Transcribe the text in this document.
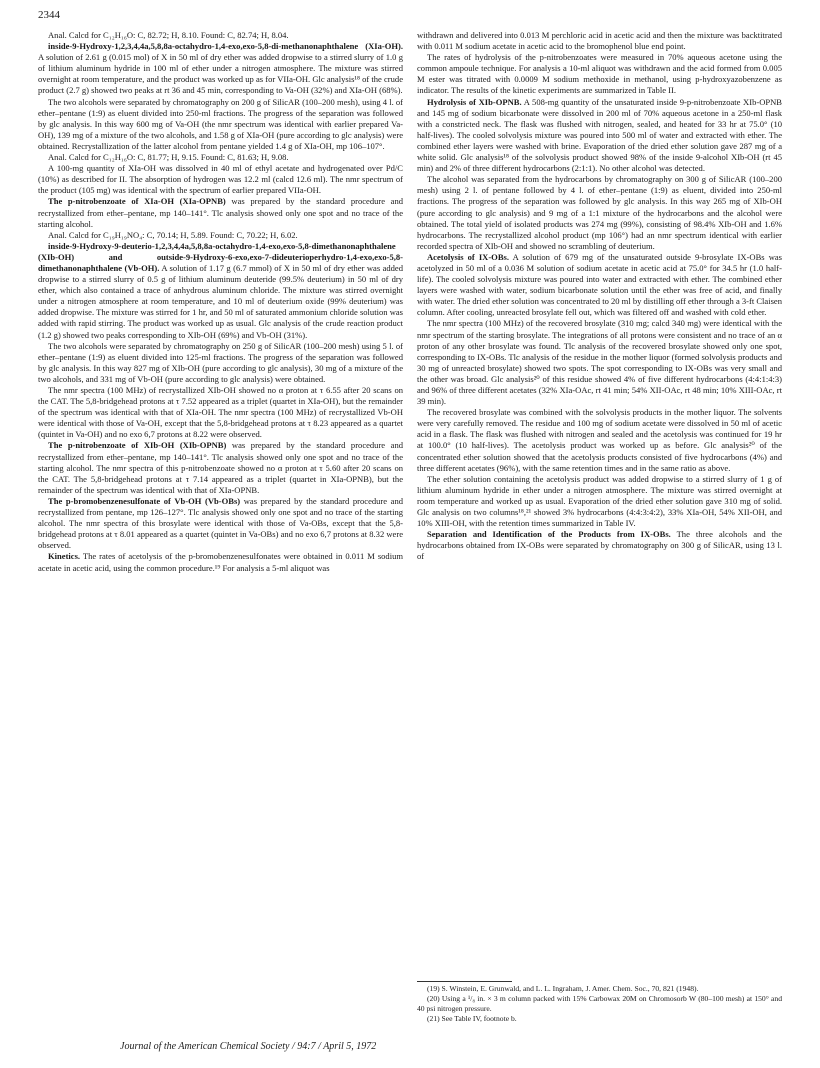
2344

Anal. Calcd for C₁₂H₁₆O: C, 82.72; H, 8.10. Found: C, 82.74; H, 8.04.

inside-9-Hydroxy-1,2,3,4,4a,5,8,8a-octahydro-1,4-exo,exo-5,8-di-methanonaphthalene (XIa-OH). A solution of 2.61 g (0.015 mol) of X in 50 ml of dry ether was added dropwise to a stirred slurry of 1.0 g of lithium aluminum hydride in 100 ml of ether under a nitrogen atmosphere. The mixture was stirred overnight at room temperature, and the product was worked up as for VIIa-OH. Glc analysis¹⁸ of the crude product (2.7 g) showed two peaks at rt 36 and 45 min, corresponding to Va-OH (32%) and XIa-OH (68%).

The two alcohols were separated by chromatography on 200 g of SilicAR (100–200 mesh), using 4 l. of ether–pentane (1:9) as eluent divided into 250-ml fractions. The progress of the separation was followed by glc analysis. In this way 600 mg of Va-OH (the nmr spectrum was identical with earlier prepared Va-OH), 139 mg of a mixture of the two alcohols, and 1.58 g of XIa-OH (pure according to glc analysis) were obtained. Recrystallization of the latter alcohol from pentane yielded 1.4 g of XIa-OH, mp 106–107°.

Anal. Calcd for C₁₂H₁₆O: C, 81.77; H, 9.15. Found: C, 81.63; H, 9.08.

A 100-mg quantity of XIa-OH was dissolved in 40 ml of ethyl acetate and hydrogenated over Pd/C (10%) as described for II. The absorption of hydrogen was 12.2 ml (calcd 12.6 ml). The nmr spectrum of the product (105 mg) was identical with the spectrum of earlier prepared VIIa-OH.

The p-nitrobenzoate of XIa-OH (XIa-OPNB) was prepared by the standard procedure and recrystallized from ether–pentane, mp 140–141°. Tlc analysis showed only one spot and no trace of the starting alcohol.

Anal. Calcd for C₁₉H₁₉NO₄: C, 70.14; H, 5.89. Found: C, 70.22; H, 6.02.

inside-9-Hydroxy-9-deuterio-1,2,3,4,4a,5,8,8a-octahydro-1,4-exo,exo-5,8-dimethanonaphthalene (XIb-OH) and outside-9-Hydroxy-6-exo,exo-7-dideuterioperhydro-1,4-exo,exo-5,8-dimethanonaphthalene (Vb-OH). A solution of 1.17 g (6.7 mmol) of X in 50 ml of dry ether was added dropwise to a stirred slurry of 0.5 g of lithium aluminum deuteride (99.5% deuterium) in 50 ml of dry ether, which also contained a trace of anhydrous aluminum chloride. The mixture was stirred overnight under a nitrogen atmosphere at room temperature, and 10 ml of deuterium oxide (99% deuterium) was added dropwise. The mixture was stirred for 1 hr, and 50 ml of saturated ammonium chloride solution was added with rapid stirring. The product was worked up as usual. Glc analysis of the crude reaction product (1.2 g) showed two peaks corresponding to XIb-OH (69%) and Vb-OH (31%).

The two alcohols were separated by chromatography on 250 g of SilicAR (100–200 mesh) using 5 l. of ether–pentane (1:9) as eluent divided into 125-ml fractions. The progress of the separation was followed by glc analysis. In this way 827 mg of XIb-OH (pure according to glc analysis), 30 mg of a mixture of the two alcohols, and 331 mg of Vb-OH (pure according to glc analysis) were obtained.

The nmr spectra (100 MHz) of recrystallized XIb-OH showed no α proton at τ 6.55 after 20 scans on the CAT. The 5,8-bridgehead protons at τ 7.52 appeared as a triplet (quartet in XIa-OH), but the remainder of the spectrum was identical with that of XIa-OH. The nmr spectra (100 MHz) of recrystallized Vb-OH were identical with those of Va-OH, except that the 5,8-bridgehead protons at τ 8.23 appeared as a quartet (quintet in Va-OH) and no exo 6,7 protons at 8.22 were observed.

The p-nitrobenzoate of XIb-OH (XIb-OPNB) was prepared by the standard procedure and recrystallized from ether–pentane, mp 140–141°. Tlc analysis showed only one spot and no trace of the starting alcohol. The nmr spectra of this p-nitrobenzoate showed no α proton at τ 5.60 after 20 scans on the CAT. The 5,8-bridgehead protons at τ 7.14 appeared as a triplet (quartet in XIa-OPNB), but the remainder of the spectrum was identical with that of XIa-OPNB.

The p-bromobenzenesulfonate of Vb-OH (Vb-OBs) was prepared by the standard procedure and recrystallized from pentane, mp 126–127°. Tlc analysis showed only one spot and no trace of the starting alcohol. The nmr spectra of this brosylate were identical with those of Va-OBs, except that the 5,8-bridgehead protons at τ 8.01 appeared as a quartet (quintet in Va-OBs) and no exo 6,7 protons at 8.32 were observed.

Kinetics. The rates of acetolysis of the p-bromobenzenesulfonates were obtained in 0.011 M sodium acetate in acetic acid, using the common procedure.¹⁹ For analysis a 5-ml aliquot was

withdrawn and delivered into 0.013 M perchloric acid in acetic acid and then the mixture was backtitrated with 0.011 M sodium acetate in acetic acid to the bromophenol blue end point.

The rates of hydrolysis of the p-nitrobenzoates were measured in 70% aqueous acetone using the common ampoule technique. For analysis a 10-ml aliquot was withdrawn and the acid formed from 0.005 M ester was titrated with 0.0009 M sodium methoxide in methanol, using p-hydroxyazobenzene as indicator. The results of the kinetic experiments are summarized in Table II.

Hydrolysis of XIb-OPNB. A 508-mg quantity of the unsaturated inside 9-p-nitrobenzoate XIb-OPNB and 145 mg of sodium bicarbonate were dissolved in 200 ml of 70% aqueous acetone in a 250-ml flask with a constricted neck. The flask was flushed with nitrogen, sealed, and heated for 33 hr at 75.0° (10 half-lives). The cooled solvolysis mixture was poured into 500 ml of water and extracted with ether. The combined ether layers were washed with brine. Evaporation of the dried ether solution gave 287 mg of a white solid. Glc analysis¹⁸ of the solvolysis product showed 98% of the inside 9-alcohol XIb-OH (rt 45 min) and 2% of three different hydrocarbons (2:1:1). No other alcohol was detected.

The alcohol was separated from the hydrocarbons by chromatography on 300 g of SilicAR (100–200 mesh) using 2 l. of pentane followed by 4 l. of ether–pentane (1:9) as eluent, divided into 250-ml fractions. The progress of the separation was followed by glc analysis. In this way 265 mg of XIb-OH (pure according to glc analysis) and 9 mg of a 1:1 mixture of the hydrocarbons and the alcohol were obtained. The total yield of isolated products was 274 mg (99%), consisting of 98.4% XIb-OH and 1.6% hydrocarbons. The recrystallized alcohol product (mp 106°) had an nmr spectrum identical with earlier recorded spectra of XIb-OH and showed no scrambling of deuterium.

Acetolysis of IX-OBs. A solution of 679 mg of the unsaturated outside 9-brosylate IX-OBs was acetolyzed in 50 ml of a 0.036 M solution of sodium acetate in acetic acid at 75.0° for 34.5 hr (1.0 half-life). The cooled solvolysis mixture was poured into water and extracted with ether. The combined ether layers were washed with water, sodium bicarbonate solution until the ether was free of acid, and finally with water. The dried ether solution was concentrated to 20 ml by distilling off ether through a 3-ft Claisen column. After cooling, unreacted brosylate fell out, which was filtered off and washed with cold ether.

The nmr spectra (100 MHz) of the recovered brosylate (310 mg; calcd 340 mg) were identical with the nmr spectrum of the starting brosylate. The integrations of all protons were consistent and no trace of an α proton of any other brosylate was found. Tlc analysis of the recovered brosylate showed only one spot, corresponding to IX-OBs. Tlc analysis of the residue in the mother liquor (formed solvolysis products and 30 mg of unreacted brosylate) showed two spots. The spot corresponding to IX-OBs was very small and the other was broad. Glc analysis²⁰ of this residue showed 4% of five different hydrocarbons (4:4:1:4:3) and 96% of three different acetates (32% XIa-OAc, rt 41 min; 54% XII-OAc, rt 48 min; 10% XIII-OAc, rt 39 min).

The recovered brosylate was combined with the solvolysis products in the mother liquor. The solvents were very carefully removed. The residue and 100 mg of sodium acetate were dissolved in 50 ml of acetic acid in a flask. The flask was flushed with nitrogen and sealed and the acetolysis was continued for 19 hr at 100.0° (10 half-lives). The acetolysis product was worked up as before. Glc analysis²⁰ of the concentrated ether solution showed that the acetolysis products consisted of five hydrocarbons (4%) and three different acetates (96%), with the same retention times and in the same ratio as above.

The ether solution containing the acetolysis product was added dropwise to a stirred slurry of 1 g of lithium aluminum hydride in ether under a nitrogen atmosphere. The mixture was stirred overnight at room temperature and worked up as usual. Evaporation of the dried ether solution gave 310 mg of solid. Glc analysis on two columns¹⁸,²¹ showed 3% hydrocarbons (4:4:3:4:2), 33% XIa-OH, 54% XII-OH, and 10% XIII-OH, with the retention times summarized in Table IV.

Separation and Identification of the Products from IX-OBs. The three alcohols and the hydrocarbons obtained from IX-OBs were separated by chromatography on 300 g of SilicAR, using 13 l. of

(19) S. Winstein, E. Grunwald, and L. L. Ingraham, J. Amer. Chem. Soc., 70, 821 (1948).

(20) Using a ¹/₈ in. × 3 m column packed with 15% Carbowax 20M on Chromosorb W (80–100 mesh) at 150° and 40 psi nitrogen pressure.

(21) See Table IV, footnote b.

Journal of the American Chemical Society / 94:7 / April 5, 1972
